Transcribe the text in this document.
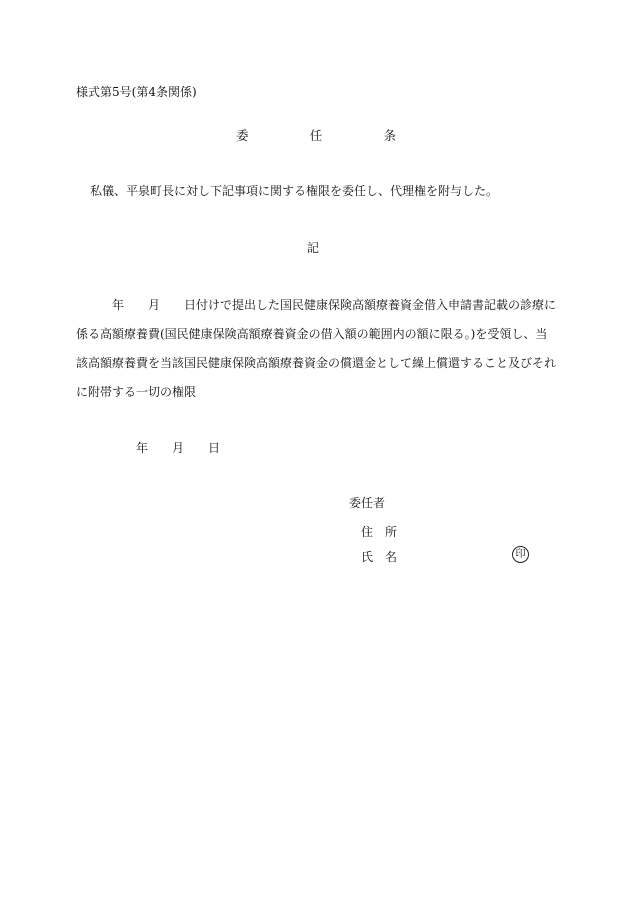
様式第5号(第4条関係)
委	任	条
私儀、平泉町長に対し下記事項に関する権限を委任し、代理権を附与した。
記
　　　年　　月　　日付けで提出した国民健康保険高額療養資金借入申請書記載の診療に
係る高額療養費(国民健康保険高額療養資金の借入額の範囲内の額に限る。)を受領し、当
該高額療養費を当該国民健康保険高額療養資金の償還金として繰上償還すること及びそれ
に附帯する一切の権限
年　　月　　日
委任者
住　所
氏　名	印
